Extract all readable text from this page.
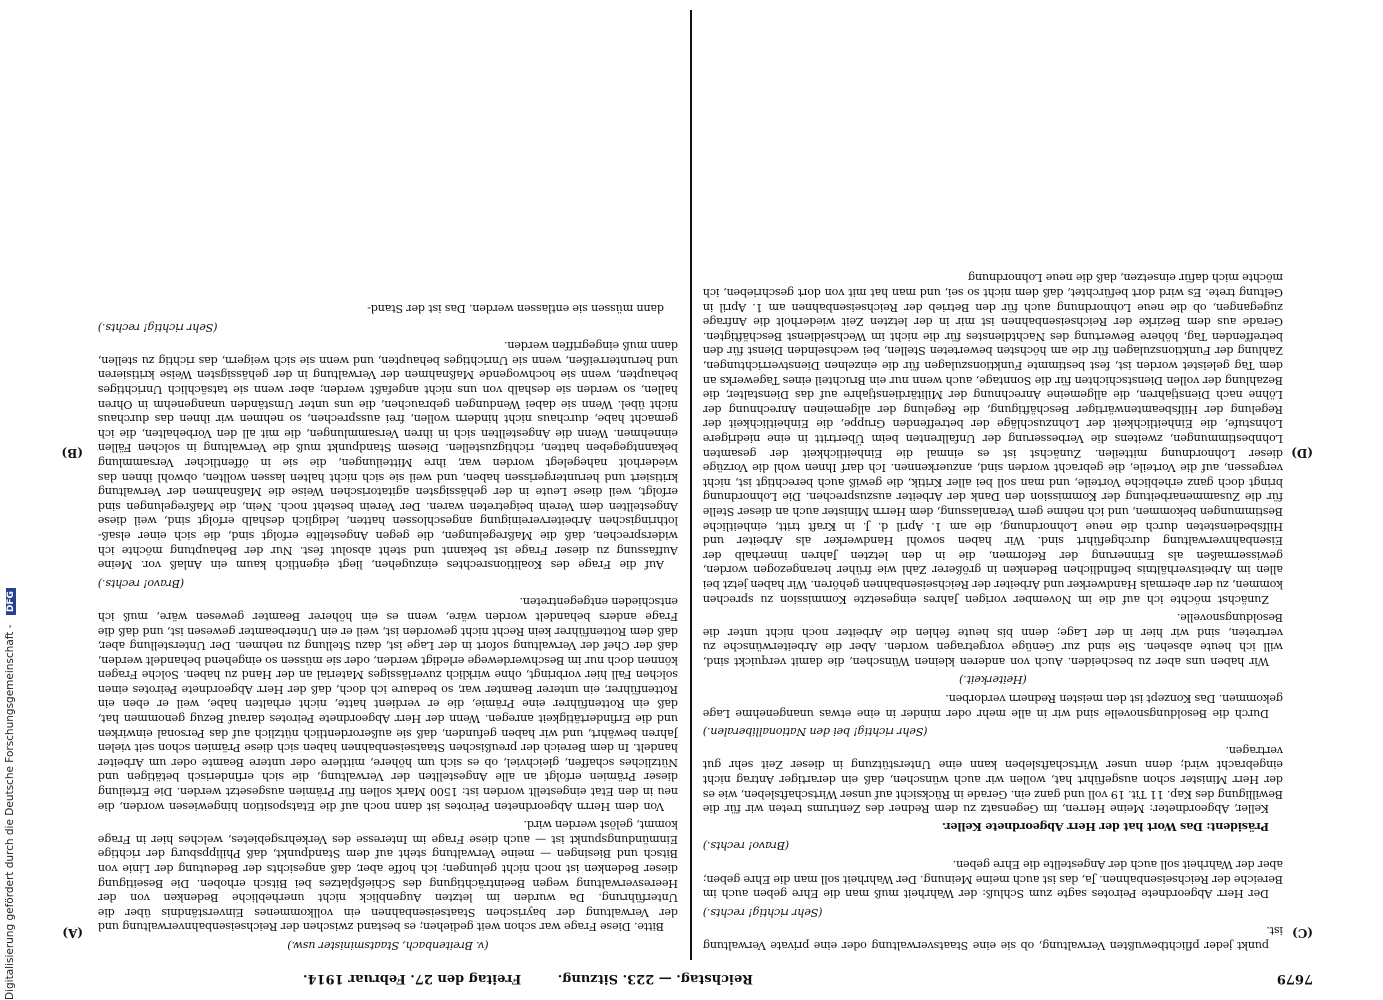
7679
Reichstag. — 223. Sitzung.
Freitag den 27. Februar 1914.
(C)
(D)
(A)
(B)

(v. Breitenbach, Staatsminister usw.)

Bitte. Diese Frage war schon weit gediehen; es bestand zwischen der Reichseisenbahnverwaltung und der Verwaltung der bayrischen Staatseisenbahnen ein vollkommenes Einverständnis über die Unterführung. Da wurden im letzten Augenblick nicht unerhebliche Bedenken von der Heeresverwaltung wegen Beeinträchtigung des Schießplatzes bei Bitsch erhoben. Die Beseitigung dieser Bedenken ist noch nicht gelungen; ich hoffe aber, daß angesichts der Bedeutung der Linie von Bitsch und Biesingen — meine Verwaltung steht auf dem Standpunkt, daß Philippsburg der richtige Einmündungspunkt ist — auch diese Frage im Interesse des Verkehrsgebietes, welches hier in Frage kommt, gelöst werden wird.

Von dem Herrn Abgeordneten Peirotes ist dann noch auf die Etatsposition hingewiesen worden, die neu in den Etat eingestellt worden ist: 1500 Mark sollen für Prämien ausgesetzt werden. Die Erteilung dieser Prämien erfolgt an alle Angestellten der Verwaltung, die sich erfinderisch betätigen und Nützliches schaffen, gleichviel, ob es sich um höhere, mittlere oder untere Beamte oder um Arbeiter handelt. In dem Bereich der preußischen Staatseisenbahnen haben sich diese Prämien schon seit vielen Jahren bewährt, und wir haben gefunden, daß sie außerordentlich nützlich auf das Personal einwirken und die Erfindertätigkeit anregen. Wenn der Herr Abgeordnete Peirotes darauf Bezug genommen hat, daß ein Rottenführer eine Prämie, die er verdient hatte, nicht erhalten habe, weil er eben ein Rottenführer, ein unterer Beamter war, so bedaure ich doch, daß der Herr Abgeordnete Peirotes einen solchen Fall hier vorbringt, ohne wirklich zuverlässiges Material an der Hand zu haben. Solche Fragen können doch nur im Beschwerdewege erledigt werden, oder sie müssen so eingehend behandelt werden, daß der Chef der Verwaltung sofort in der Lage ist, dazu Stellung zu nehmen. Der Unterstellung aber, daß dem Rottenführer kein Recht nicht geworden ist, weil er ein Unterbeamter gewesen ist, und daß die Frage anders behandelt worden wäre, wenn es ein höherer Beamter gewesen wäre, muß ich entschieden entgegentreten.

(Bravo! rechts.)

Auf die Frage des Koalitionsrechtes einzugehen, liegt eigentlich kaum ein Anlaß vor. Meine Auffassung zu dieser Frage ist bekannt und steht absolut fest. Nur der Behauptung möchte ich widersprechen, daß die Maßregelungen, die gegen Angestellte erfolgt sind, die sich einer elsaß-lothringischen Arbeitervereinigung angeschlossen hatten, lediglich deshalb erfolgt sind, weil diese Angestellten dem Verein beigetreten waren. Der Verein besteht noch. Nein, die Maßregelungen sind erfolgt, weil diese Leute in der gehässigsten agitatorischen Weise die Maßnahmen der Verwaltung kritisiert und heruntergerissen haben, und weil sie sich nicht halten lassen wollten, obwohl ihnen das wiederholt nahegelegt worden war, ihre Mitteilungen, die sie in öffentlicher Versammlung bekanntgegeben hatten, richtigzustellen. Diesem Standpunkt muß die Verwaltung in solchen Fällen einnehmen. Wenn die Angestellten sich in ihren Versammlungen, die mit all den Vorbehalten, die ich gemacht habe, durchaus nicht hindern wollen, frei aussprechen, so nehmen wir ihnen das durchaus nicht übel. Wenn sie dabei Wendungen gebrauchen, die uns unter Umständen unangenehm in Ohren hallen, so werden sie deshalb von uns nicht angefaßt werden; aber wenn sie tatsächlich Unrichtiges behaupten, wenn sie hochwogende Maßnahmen der Verwaltung in der gehässigsten Weise kritisieren und herunterreißen, wenn sie Unrichtiges behaupten, und wenn sie sich weigern, das richtig zu stellen, dann muß eingegriffen werden.

(Sehr richtig! rechts.)

dann müssen sie entlassen werden. Das ist der Stand-

punkt jeder pflichtbewußten Verwaltung, ob sie eine Staatsverwaltung oder eine private Verwaltung ist.

(Sehr richtig! rechts.)

Der Herr Abgeordnete Peirotes sagte zum Schluß: der Wahrheit muß man die Ehre geben auch im Bereiche der Reichseisenbahnen. Ja, das ist auch meine Meinung. Der Wahrheit soll man die Ehre geben; aber der Wahrheit soll auch der Angestellte die Ehre geben.

(Bravo! rechts.)

Präsident: Das Wort hat der Herr Abgeordnete Keller.

Keller, Abgeordneter: Meine Herren, im Gegensatz zu dem Redner des Zentrums treten wir für die Bewilligung des Kap. 11 Tit. 19 voll und ganz ein. Gerade in Rücksicht auf unser Wirtschaftsleben, wie es der Herr Minister schon ausgeführt hat, wollen wir auch wünschen, daß ein derartiger Antrag nicht eingebracht wird; denn unser Wirtschaftsleben kann eine Unterstützung in dieser Zeit sehr gut vertragen.

(Sehr richtig! bei den Nationalliberalen.)

Durch die Besoldungsnovelle sind wir in alle mehr oder minder in eine etwas unangenehme Lage gekommen. Das Konzept ist den meisten Rednern verdorben.

(Heiterkeit.)

Wir haben uns aber zu bescheiden. Auch von anderen kleinen Wünschen, die damit verquickt sind, will ich heute absehen. Sie sind zur Genüge vorgetragen worden. Aber die Arbeiterwünsche zu vertreten, sind wir hier in der Lage; denn bis heute fehlen die Arbeiter noch nicht unter die Besoldungsnovelle.

Zunächst möchte ich auf die im November vorigen Jahres eingesetzte Kommission zu sprechen kommen, zu der abermals Handwerker und Arbeiter der Reichseisenbahnen gehören. Wir haben jetzt bei allen im Arbeitsverhältnis befindlichen Bedenken in größerer Zahl wie früher herangezogen worden, gewissermaßen als Erinnerung der Reformen, die in den letzten Jahren innerhalb der Eisenbahnverwaltung durchgeführt sind. Wir haben sowohl Handwerker als Arbeiter und Hilfsbediensteten durch die neue Lohnordnung, die am 1. April d. J. in Kraft tritt, einheitliche Bestimmungen bekommen, und ich nehme gern Veranlassung, dem Herrn Minister auch an dieser Stelle für die Zusammenarbeitung der Kommission den Dank der Arbeiter auszusprechen. Die Lohnordnung bringt doch ganz erhebliche Vorteile, und man soll bei aller Kritik, die gewiß auch berechtigt ist, nicht vergessen, auf die Vorteile, die gebracht worden sind, anzuerkennen. Ich darf Ihnen wohl die Vorzüge dieser Lohnordnung mitteilen. Zunächst ist es einmal die Einheitlichkeit der gesamten Lohnbestimmungen, zweitens die Verbesserung der Unfallrenten beim Übertritt in eine niedrigere Lohnstufe, die Einheitlichkeit der Lohnzuschläge der betreffenden Gruppe, die Einheitlichkeit der Regelung der Hilfsbeamtenwärtiger Beschäftigung, die Regelung der allgemeinen Anrechnung der Löhne nach Dienstjahren, die allgemeine Anrechnung der Militärdienstjahre auf das Dienstalter, die Bezahlung der vollen Dienstschichten für die Sonntage, auch wenn nur ein Bruchteil eines Tagewerks an dem Tag geleistet worden ist, fest bestimmte Funktionszulagen für die einzelnen Dienstverrichtungen, Zahlung der Funktionszulagen für die am höchsten bewerteten Stellen, bei wechselnden Dienst für den betreffenden Tag, höhere Bewertung des Nachtdienstes für die nicht im Wechseldienst Beschäftigten. Gerade aus dem Bezirke der Reichseisenbahnen ist mir in der letzten Zeit wiederholt die Anfrage zugegangen, ob die neue Lohnordnung auch für den Betrieb der Reichseisenbahnen am 1. April in Geltung trete. Es wird dort befürchtet, daß dem nicht so sei, und man hat mit von dort geschrieben, ich möchte mich dafür einsetzen, daß die neue Lohnordnung

Digitalisierung gefördert durch die Deutsche Forschungsgemeinschaft - DFG
